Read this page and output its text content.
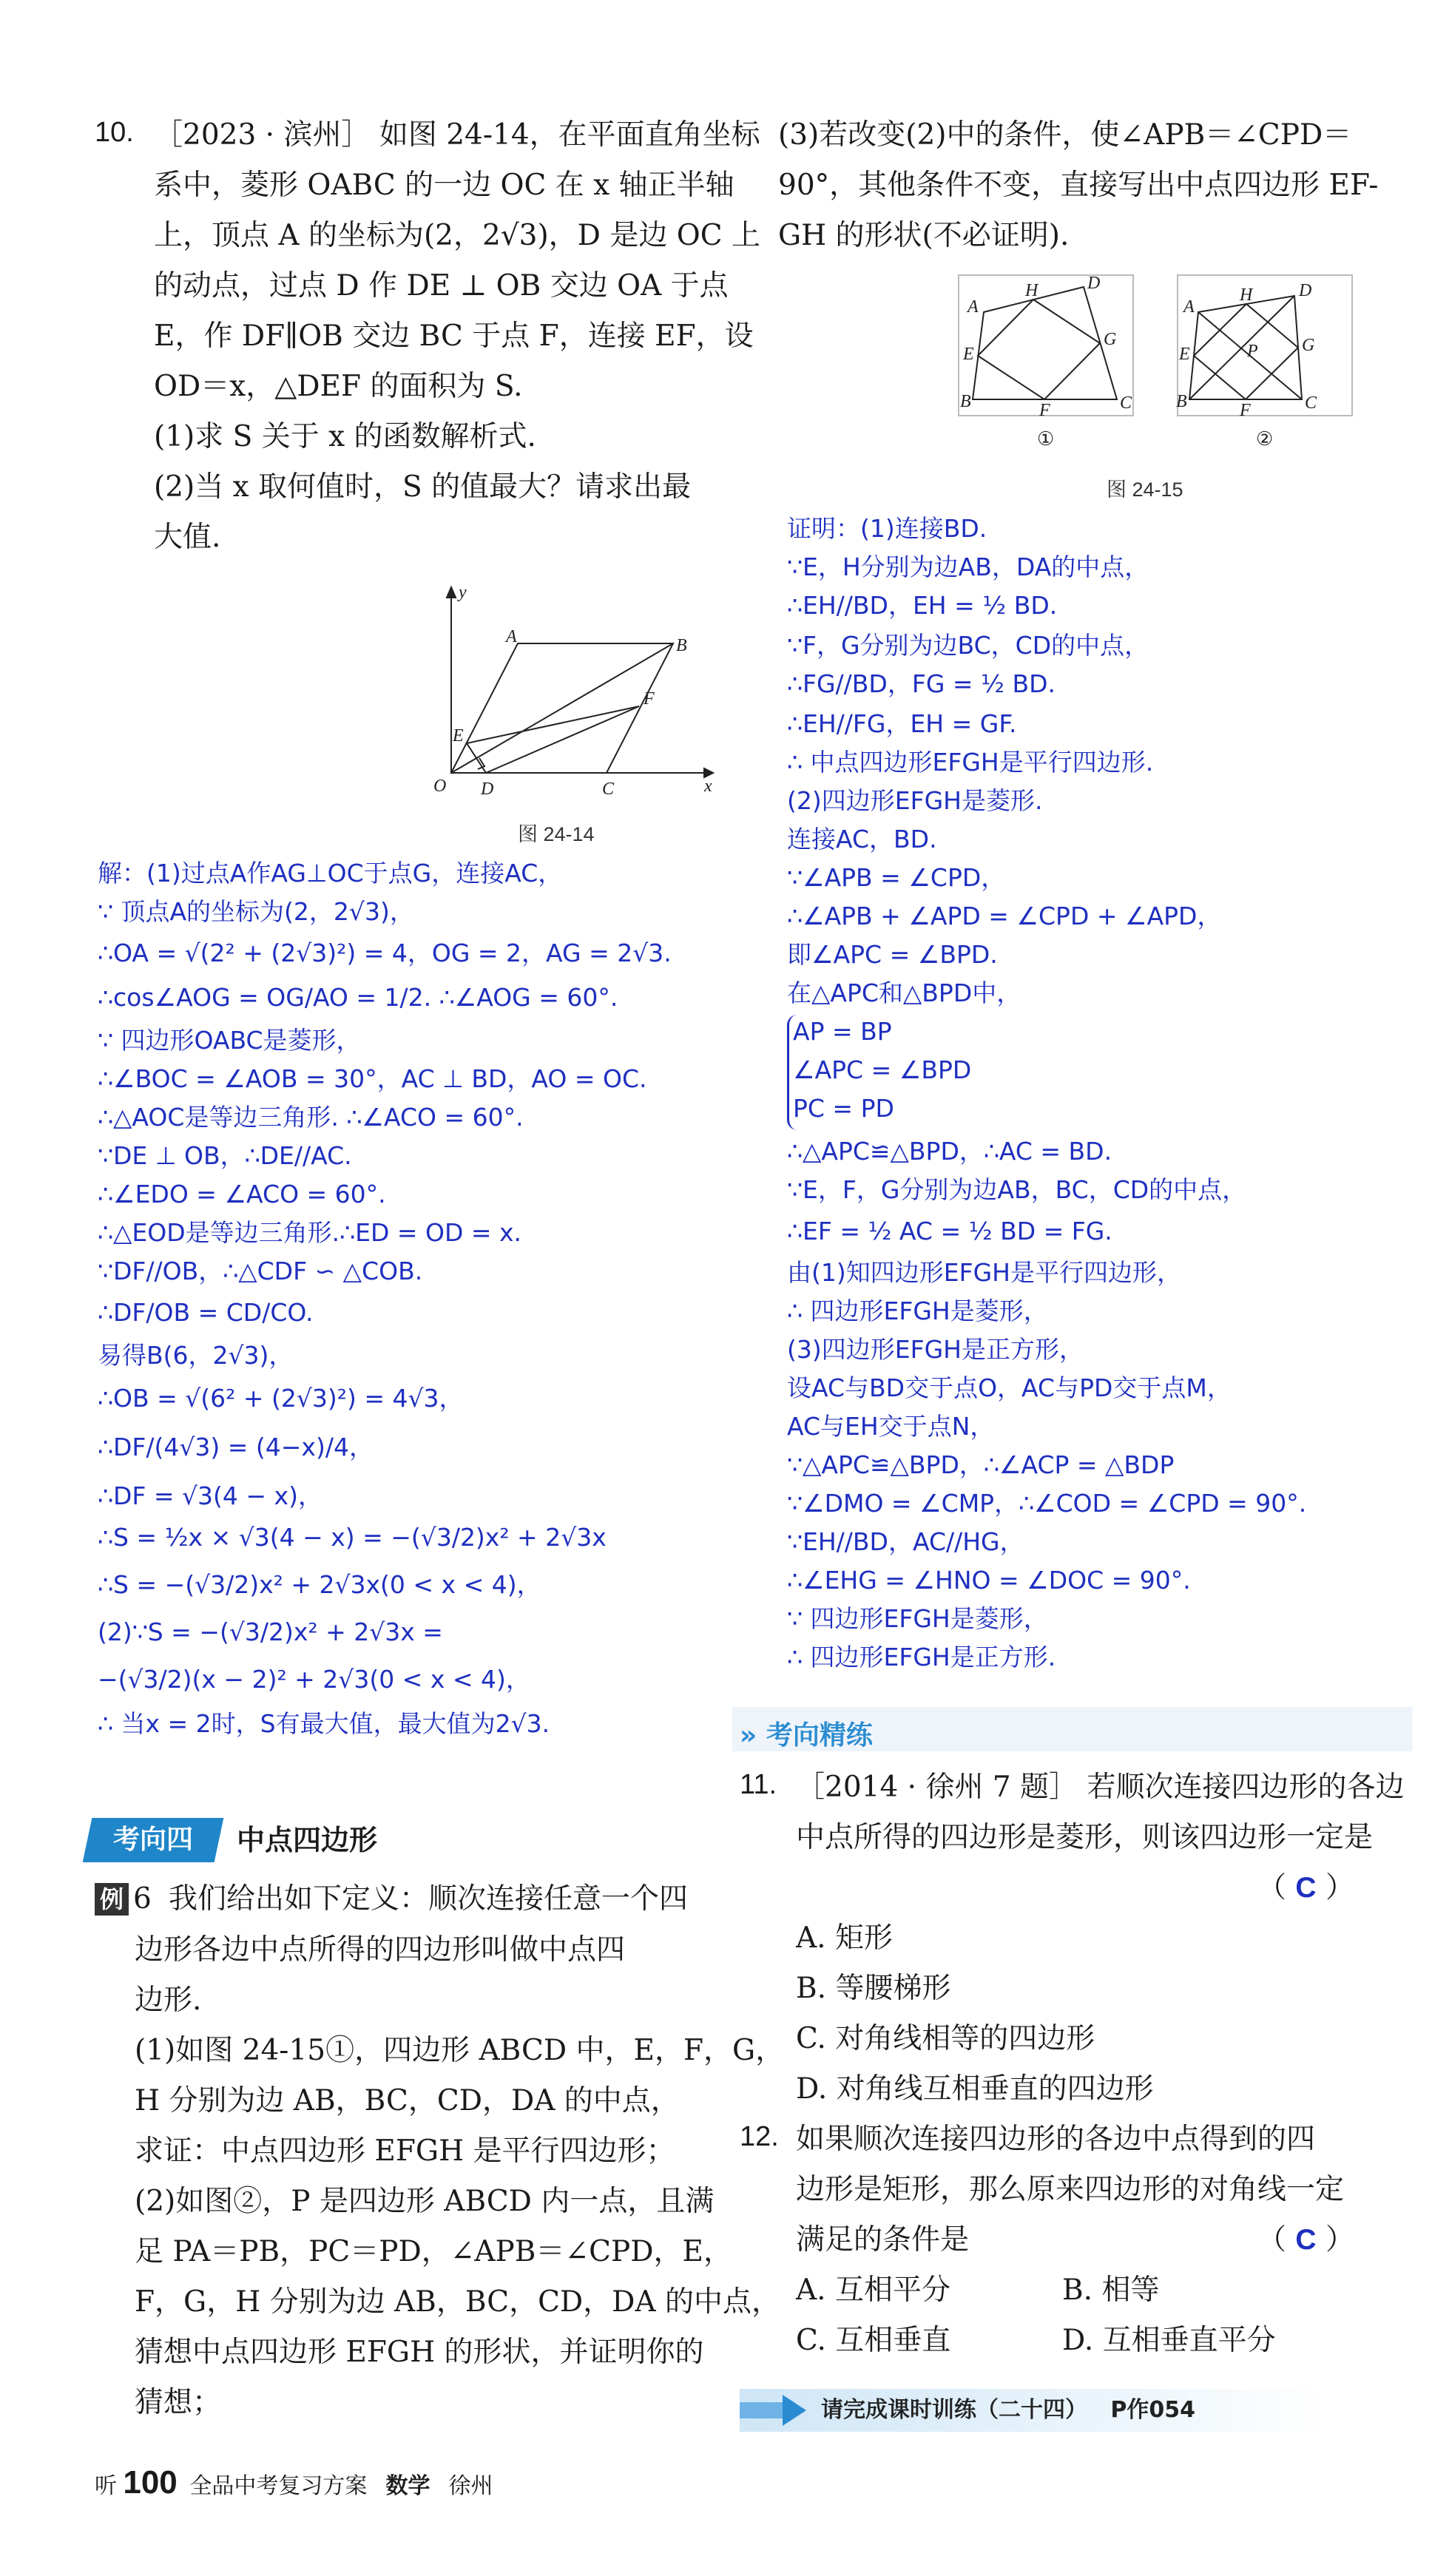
10. ［2023 · 滨州］ 如图 24-14，在平面直角坐标
系中，菱形 OABC 的一边 OC 在 x 轴正半轴
上，顶点 A 的坐标为(2，2√3)，D 是边 OC 上
的动点，过点 D 作 DE ⊥ OB 交边 OA 于点
E，作 DF∥OB 交边 BC 于点 F，连接 EF，设
OD＝x，△DEF 的面积为 S.
(1)求 S 关于 x 的函数解析式.
(2)当 x 取何值时，S 的值最大？请求出最
大值.
y
x
O
A	B
C
D
E
F
图 24-14
解：(1)过点A作AG⊥OC于点G，连接AC，
∵ 顶点A的坐标为(2，2√3)，
∴OA = √(2² + (2√3)²) = 4，OG = 2，AG = 2√3.
∴cos∠AOG = OG/AO = 1/2. ∴∠AOG = 60°.
∵ 四边形OABC是菱形，
∴∠BOC = ∠AOB = 30°，AC ⊥ BD，AO = OC.
∴△AOC是等边三角形. ∴∠ACO = 60°.
∵DE ⊥ OB，∴DE//AC.
∴∠EDO = ∠ACO = 60°.
∴△EOD是等边三角形.∴ED = OD = x.
∵DF//OB，∴△CDF ∽ △COB.
∴DF/OB = CD/CO.
易得B(6，2√3)，
∴OB = √(6² + (2√3)²) = 4√3，
∴DF/(4√3) = (4−x)/4，
∴DF = √3(4 − x)，
∴S = ½x × √3(4 − x) = −(√3/2)x² + 2√3x
∴S = −(√3/2)x² + 2√3x(0 < x < 4)，
(2)∵S = −(√3/2)x² + 2√3x =
−(√3/2)(x − 2)² + 2√3(0 < x < 4)，
∴ 当x = 2时，S有最大值，最大值为2√3.
考向四	中点四边形
例 6 我们给出如下定义：顺次连接任意一个四
边形各边中点所得的四边形叫做中点四
边形.
(1)如图 24-15①，四边形 ABCD 中，E，F，G，
H 分别为边 AB，BC，CD，DA 的中点，
求证：中点四边形 EFGH 是平行四边形；
(2)如图②，P 是四边形 ABCD 内一点，且满
足 PA＝PB，PC＝PD，∠APB＝∠CPD，E，
F，G，H 分别为边 AB，BC，CD，DA 的中点，
猜想中点四边形 EFGH 的形状，并证明你的
猜想；
听 100 全品中考复习方案 数学 徐州
(3)若改变(2)中的条件，使∠APB＝∠CPD＝
90°，其他条件不变，直接写出中点四边形 EF-
GH 的形状(不必证明).
A
B	C
D
E
F
G
H
A
B	C
D
E
F
G
H
P
①	②
图 24-15
证明：(1)连接BD.
∵E，H分别为边AB，DA的中点，
∴EH//BD，EH = ½ BD.
∵F，G分别为边BC，CD的中点，
∴FG//BD，FG = ½ BD.
∴EH//FG，EH = GF.
∴ 中点四边形EFGH是平行四边形.
(2)四边形EFGH是菱形.
连接AC，BD.
∵∠APB = ∠CPD，
∴∠APB + ∠APD = ∠CPD + ∠APD，
即∠APC = ∠BPD.
在△APC和△BPD中，
AP = BP
∠APC = ∠BPD
PC = PD
∴△APC≌△BPD，∴AC = BD.
∵E，F，G分别为边AB，BC，CD的中点，
∴EF = ½ AC = ½ BD = FG.
由(1)知四边形EFGH是平行四边形，
∴ 四边形EFGH是菱形，
(3)四边形EFGH是正方形，
设AC与BD交于点O，AC与PD交于点M，
AC与EH交于点N，
∵△APC≌△BPD，∴∠ACP = △BDP
∵∠DMO = ∠CMP，∴∠COD = ∠CPD = 90°.
∵EH//BD，AC//HG，
∴∠EHG = ∠HNO = ∠DOC = 90°.
∵ 四边形EFGH是菱形，
∴ 四边形EFGH是正方形.
» 考向精练
11. ［2014 · 徐州 7 题］ 若顺次连接四边形的各边
中点所得的四边形是菱形，则该四边形一定是
（ C ）
A. 矩形
B. 等腰梯形
C. 对角线相等的四边形
D. 对角线互相垂直的四边形
12. 如果顺次连接四边形的各边中点得到的四
边形是矩形，那么原来四边形的对角线一定
满足的条件是	（ C ）
A. 互相平分	B. 相等
C. 互相垂直	D. 互相垂直平分
请完成课时训练（二十四） P作054
